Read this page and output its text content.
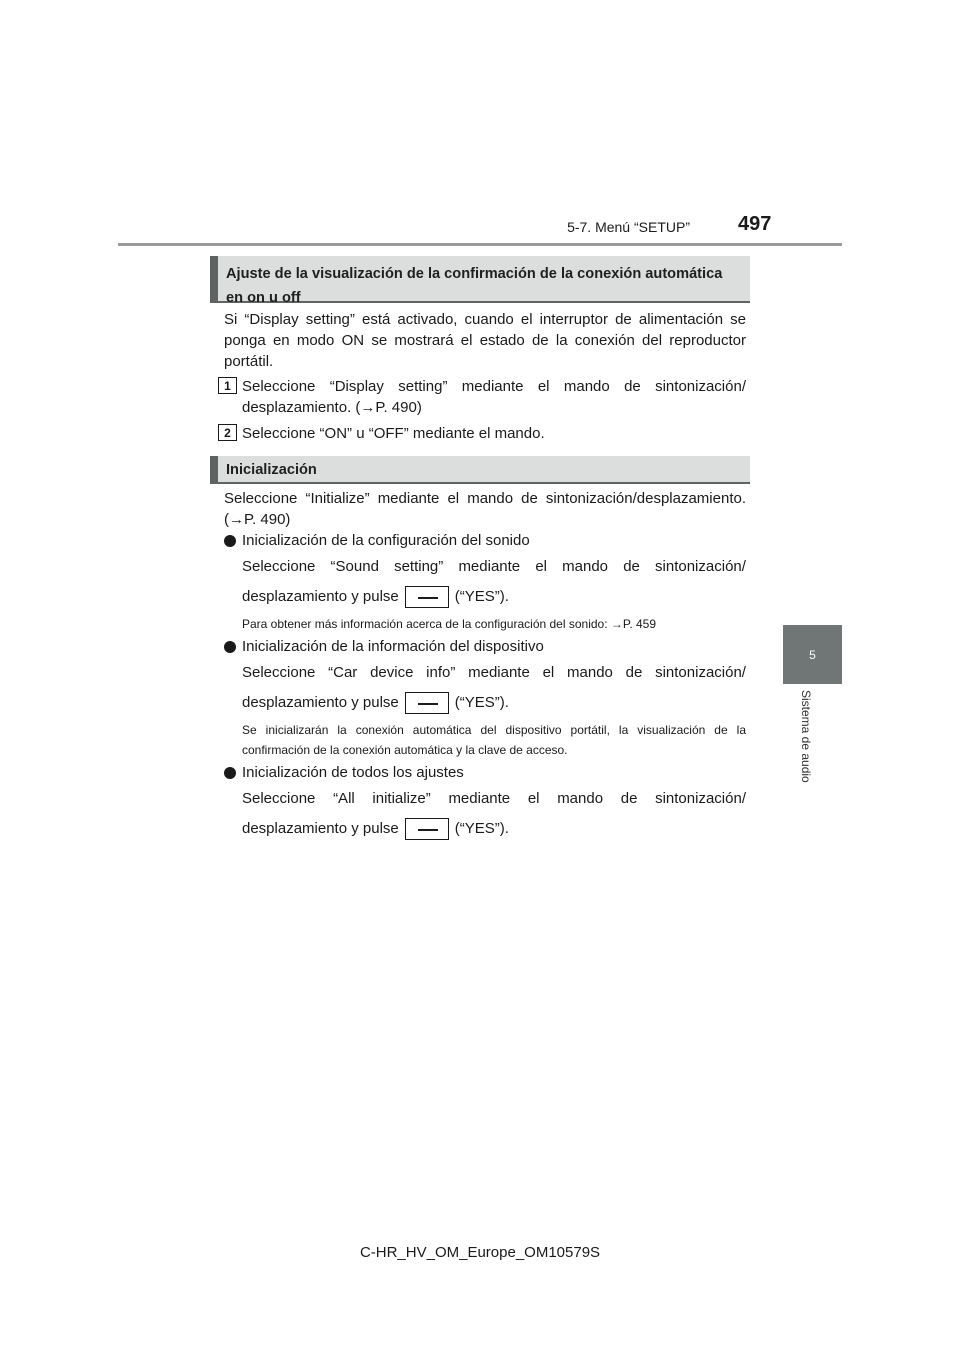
5-7. Menú “SETUP” 497
5
Sistema de audio
Ajuste de la visualización de la confirmación de la conexión automática en on u off
Si “Display setting” está activado, cuando el interruptor de alimentación se ponga en modo ON se mostrará el estado de la conexión del reproductor portátil.
1 Seleccione “Display setting” mediante el mando de sintonización/ desplazamiento. (→P. 490)
2 Seleccione “ON” u “OFF” mediante el mando.
Inicialización
Seleccione “Initialize” mediante el mando de sintonización/desplazamiento. (→P. 490)
Inicialización de la configuración del sonido
Seleccione “Sound setting” mediante el mando de sintonización/
desplazamiento y pulse	(“YES”).
Para obtener más información acerca de la configuración del sonido: →P. 459
Inicialización de la información del dispositivo
Seleccione “Car device info” mediante el mando de sintonización/
desplazamiento y pulse	(“YES”).
Se inicializarán la conexión automática del dispositivo portátil, la visualización de la confirmación de la conexión automática y la clave de acceso.
Inicialización de todos los ajustes
Seleccione “All initialize” mediante el mando de sintonización/
desplazamiento y pulse	(“YES”).
C-HR_HV_OM_Europe_OM10579S
